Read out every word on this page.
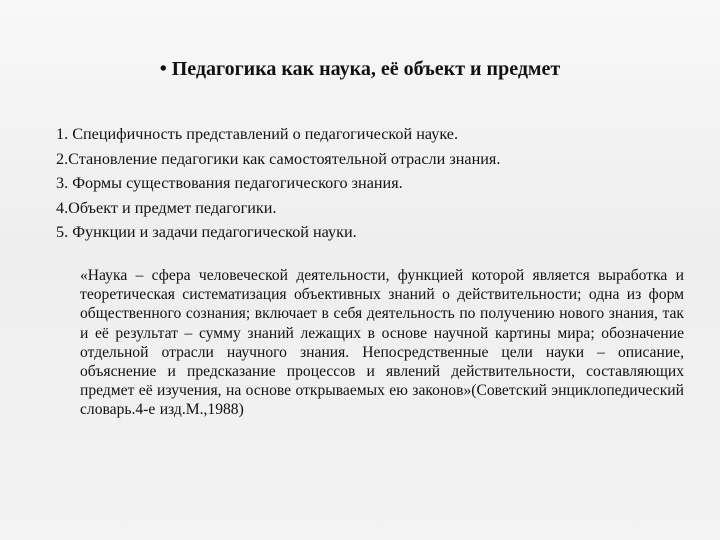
• Педагогика как наука, её объект и предмет
1. Специфичность представлений о педагогической науке.
2.Становление педагогики как самостоятельной отрасли знания.
3. Формы существования педагогического знания.
4.Объект и предмет педагогики.
5. Функции и задачи педагогической науки.

«Наука – сфера человеческой деятельности, функцией которой является выработка и теоретическая систематизация объективных знаний о действительности; одна из форм общественного сознания; включает в себя деятельность по получению нового знания, так и её результат – сумму знаний лежащих в основе научной картины мира; обозначение отдельной отрасли научного знания. Непосредственные цели науки – описание, объяснение и предсказание процессов и явлений действительности, составляющих предмет её изучения, на основе открываемых ею законов»(Советский энциклопедический словарь.4-е изд.М.,1988)
